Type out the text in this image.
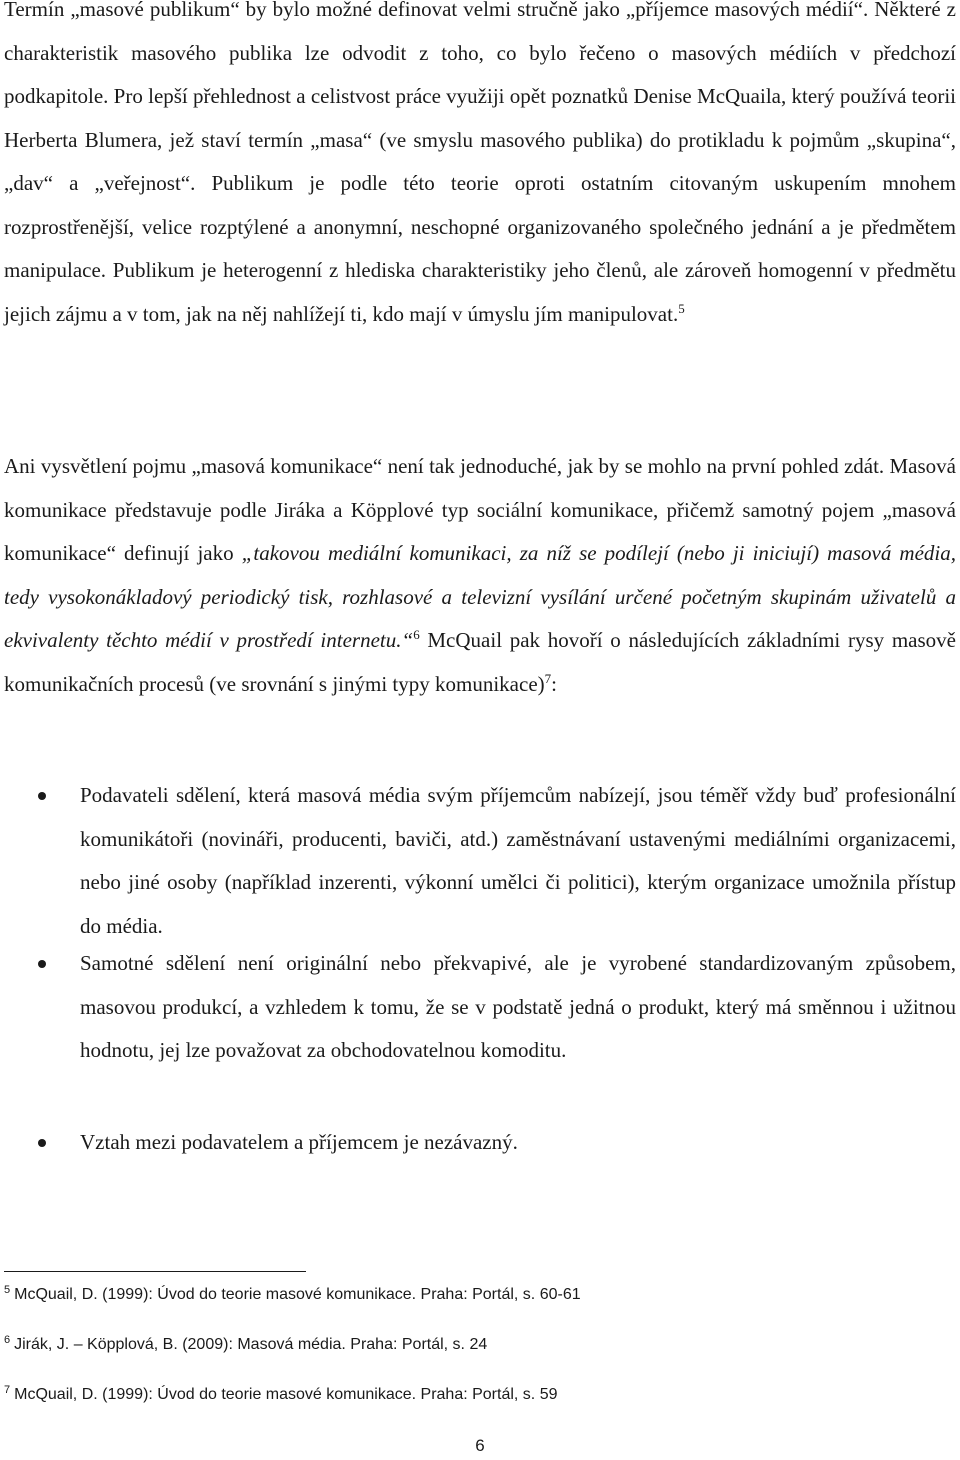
Termín „masové publikum“ by bylo možné definovat velmi stručně jako „příjemce masových médií“. Některé z charakteristik masového publika lze odvodit z toho, co bylo řečeno o masových médiích v předchozí podkapitole. Pro lepší přehlednost a celistvost práce využiji opět poznatků Denise McQuaila, který používá teorii Herberta Blumera, jež staví termín „masa“ (ve smyslu masového publika) do protikladu k pojmům „skupina“, „dav“ a „veřejnost“. Publikum je podle této teorie oproti ostatním citovaným uskupením mnohem rozprostřenější, velice rozptýlené a anonymní, neschopné organizovaného společného jednání a je předmětem manipulace. Publikum je heterogenní z hlediska charakteristiky jeho členů, ale zároveň homogenní v předmětu jejich zájmu a v tom, jak na něj nahlížejí ti, kdo mají v úmyslu jím manipulovat.$^5$

Ani vysvětlení pojmu „masová komunikace“ není tak jednoduché, jak by se mohlo na první pohled zdát. Masová komunikace představuje podle Jiráka a Köpplové typ sociální komunikace, přičemž samotný pojem „masová komunikace“ definují jako „takovou mediální komunikaci, za níž se podílejí (nebo ji iniciují) masová média, tedy vysokonákladový periodický tisk, rozhlasové a televizní vysílání určené početným skupinám uživatelů a ekvivalenty těchto médií v prostředí internetu.“$^6$ McQuail pak hovoří o následujících základními rysy masově komunikačních procesů (ve srovnání s jinými typy komunikace)$^7$:

Podavateli sdělení, která masová média svým příjemcům nabízejí, jsou téměř vždy buď profesionální komunikátoři (novináři, producenti, baviči, atd.) zaměstnávaní ustavenými mediálními organizacemi, nebo jiné osoby (například inzerenti, výkonní umělci či politici), kterým organizace umožnila přístup do média.

Samotné sdělení není originální nebo překvapivé, ale je vyrobené standardizovaným způsobem, masovou produkcí, a vzhledem k tomu, že se v podstatě jedná o produkt, který má směnnou i užitnou hodnotu, jej lze považovat za obchodovatelnou komoditu.

Vztah mezi podavatelem a příjemcem je nezávazný.

$^5$ McQuail, D. (1999): Úvod do teorie masové komunikace. Praha: Portál, s. 60-61
$^6$ Jirák, J. – Köpplová, B. (2009): Masová média. Praha: Portál, s. 24
$^7$ McQuail, D. (1999): Úvod do teorie masové komunikace. Praha: Portál, s. 59
6
